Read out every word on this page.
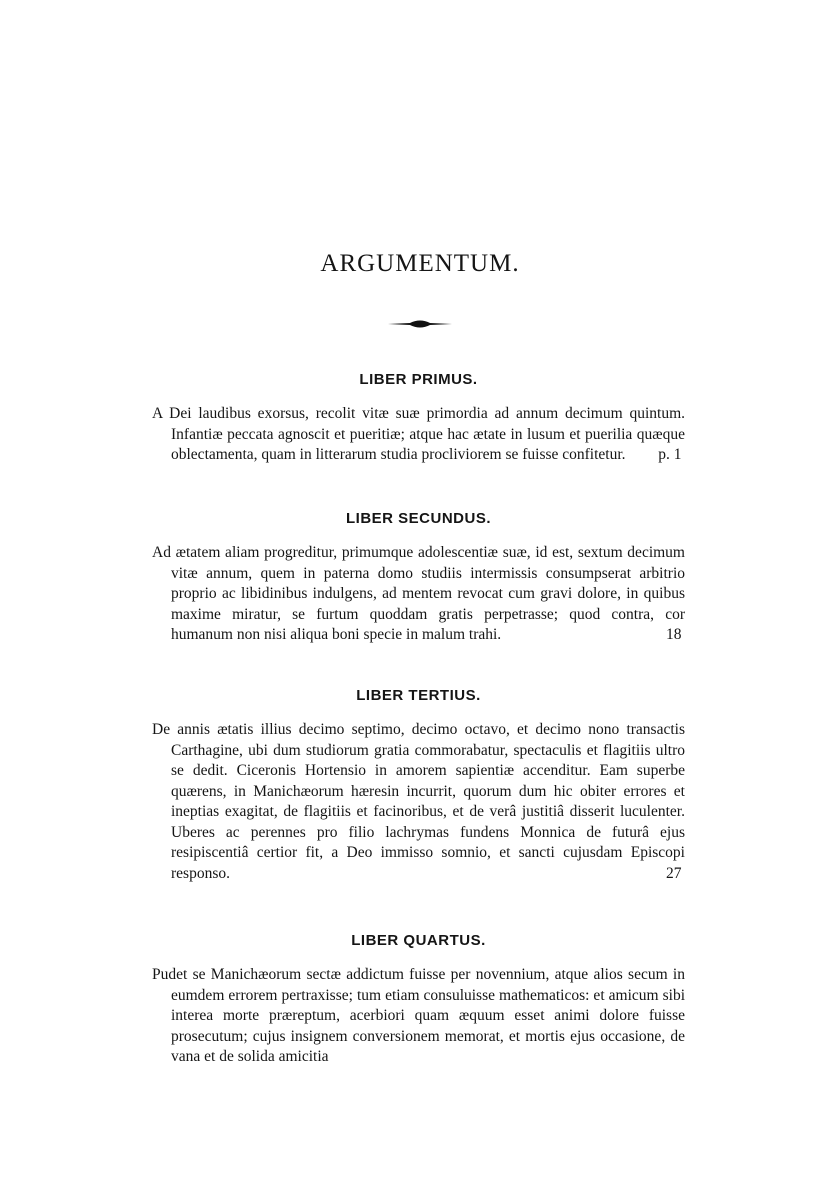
ARGUMENTUM.
LIBER PRIMUS.

A Dei laudibus exorsus, recolit vitæ suæ primordia ad annum decimum quintum. Infantiæ peccata agnoscit et pueritiæ; atque hac ætate in lusum et puerilia quæque oblectamenta, quam in litterarum studia procliviorem se fuisse confitetur. p. 1

LIBER SECUNDUS.

Ad ætatem aliam progreditur, primumque adolescentiæ suæ, id est, sextum decimum vitæ annum, quem in paterna domo studiis intermissis consumpserat arbitrio proprio ac libidinibus indulgens, ad mentem revocat cum gravi dolore, in quibus maxime miratur, se furtum quoddam gratis perpetrasse; quod contra, cor humanum non nisi aliqua boni specie in malum trahi.	18

LIBER TERTIUS.

De annis ætatis illius decimo septimo, decimo octavo, et decimo nono transactis Carthagine, ubi dum studiorum gratia commorabatur, spectaculis et flagitiis ultro se dedit. Ciceronis Hortensio in amorem sapientiæ accenditur. Eam superbe quærens, in Manichæorum hæresin incurrit, quorum dum hic obiter errores et ineptias exagitat, de flagitiis et facinoribus, et de verâ justitiâ disserit luculenter. Uberes ac perennes pro filio lachrymas fundens Monnica de futurâ ejus resipiscentiâ certior fit, a Deo immisso somnio, et sancti cujusdam Episcopi responso.	27

LIBER QUARTUS.

Pudet se Manichæorum sectæ addictum fuisse per novennium, atque alios secum in eumdem errorem pertraxisse; tum etiam consuluisse mathematicos: et amicum sibi interea morte præreptum, acerbiori quam æquum esset animi dolore fuisse prosecutum; cujus insignem conversionem memorat, et mortis ejus occasione, de vana et de solida amicitia
